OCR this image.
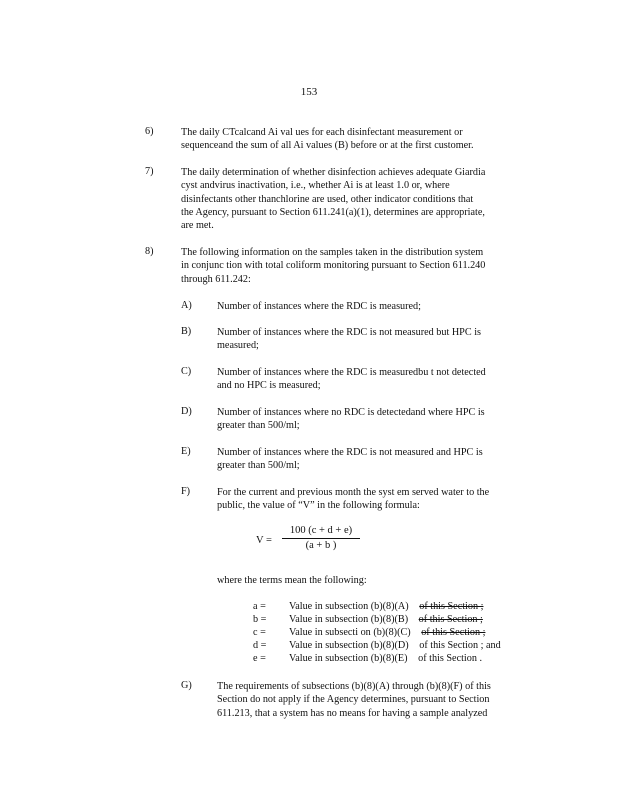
153
6)	The daily CTcalcand Ai val ues for each disinfectant measurement or
sequenceand the sum of all Ai values (B) before or at the first customer.
7)	The daily determination of whether disinfection achieves adequate Giardia
cyst andvirus inactivation, i.e., whether Ai is at least 1.0 or, where
disinfectants other thanchlorine are used, other indicator conditions that
the Agency, pursuant to Section 611.241(a)(1), determines are appropriate,
are met.
8)	The following information on the samples taken in the distribution system
in conjunc tion with total coliform monitoring pursuant to Section 611.240
through 611.242:
A) Number of instances where the RDC is measured;
B)	Number of instances where the RDC is not measured but HPC is
measured;
C)	Number of instances where the RDC is measuredbu t not detected
and no HPC is measured;
D) Number of instances where no RDC is detectedand where HPC is
greater than 500/ml;
E)	Number of instances where the RDC is not measured and HPC is
greater than 500/ml;
F)	For the current and previous month the syst em served water to the
public, the value of “V” in the following formula:
$V = \frac{100 (c + d + e)}{(a + b )}$
where the terms mean the following:
a = Value in subsection (b)(8)(A) of this Section ;
b = Value in subsection (b)(8)(B) of this Section ;
c = Value in subsecti on (b)(8)(C) of this Section ;
d = Value in subsection (b)(8)(D) of this Section ; and
e = Value in subsection (b)(8)(E) of this Section .
G) The requirements of subsections (b)(8)(A) through (b)(8)(F) of this
Section do not apply if the Agency determines, pursuant to Section
611.213, that a system has no means for having a sample analyzed
